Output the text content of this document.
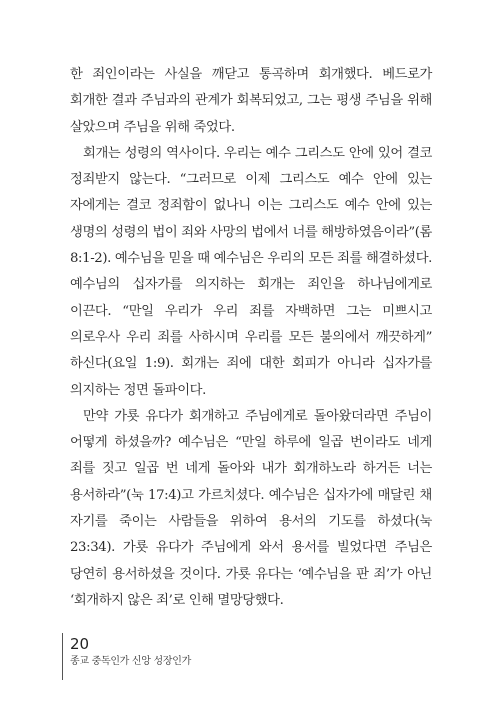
한 죄인이라는 사실을 깨닫고 통곡하며 회개했다. 베드로가 회개한 결과 주님과의 관계가 회복되었고, 그는 평생 주님을 위해 살았으며 주님을 위해 죽었다.

회개는 성령의 역사이다. 우리는 예수 그리스도 안에 있어 결코 정죄받지 않는다. “그러므로 이제 그리스도 예수 안에 있는 자에게는 결코 정죄함이 없나니 이는 그리스도 예수 안에 있는 생명의 성령의 법이 죄와 사망의 법에서 너를 해방하였음이라”(롬 8:1-2). 예수님을 믿을 때 예수님은 우리의 모든 죄를 해결하셨다. 예수님의 십자가를 의지하는 회개는 죄인을 하나님에게로 이끈다. “만일 우리가 우리 죄를 자백하면 그는 미쁘시고 의로우사 우리 죄를 사하시며 우리를 모든 불의에서 깨끗하게” 하신다(요일 1:9). 회개는 죄에 대한 회피가 아니라 십자가를 의지하는 정면 돌파이다.

만약 가룟 유다가 회개하고 주님에게로 돌아왔더라면 주님이 어떻게 하셨을까? 예수님은 “만일 하루에 일곱 번이라도 네게 죄를 짓고 일곱 번 네게 돌아와 내가 회개하노라 하거든 너는 용서하라”(눅 17:4)고 가르치셨다. 예수님은 십자가에 매달린 채 자기를 죽이는 사람들을 위하여 용서의 기도를 하셨다(눅 23:34). 가룟 유다가 주님에게 와서 용서를 빌었다면 주님은 당연히 용서하셨을 것이다. 가룟 유다는 ‘예수님을 판 죄’가 아닌 ‘회개하지 않은 죄’로 인해 멸망당했다.

20
종교 중독인가 신앙 성장인가
